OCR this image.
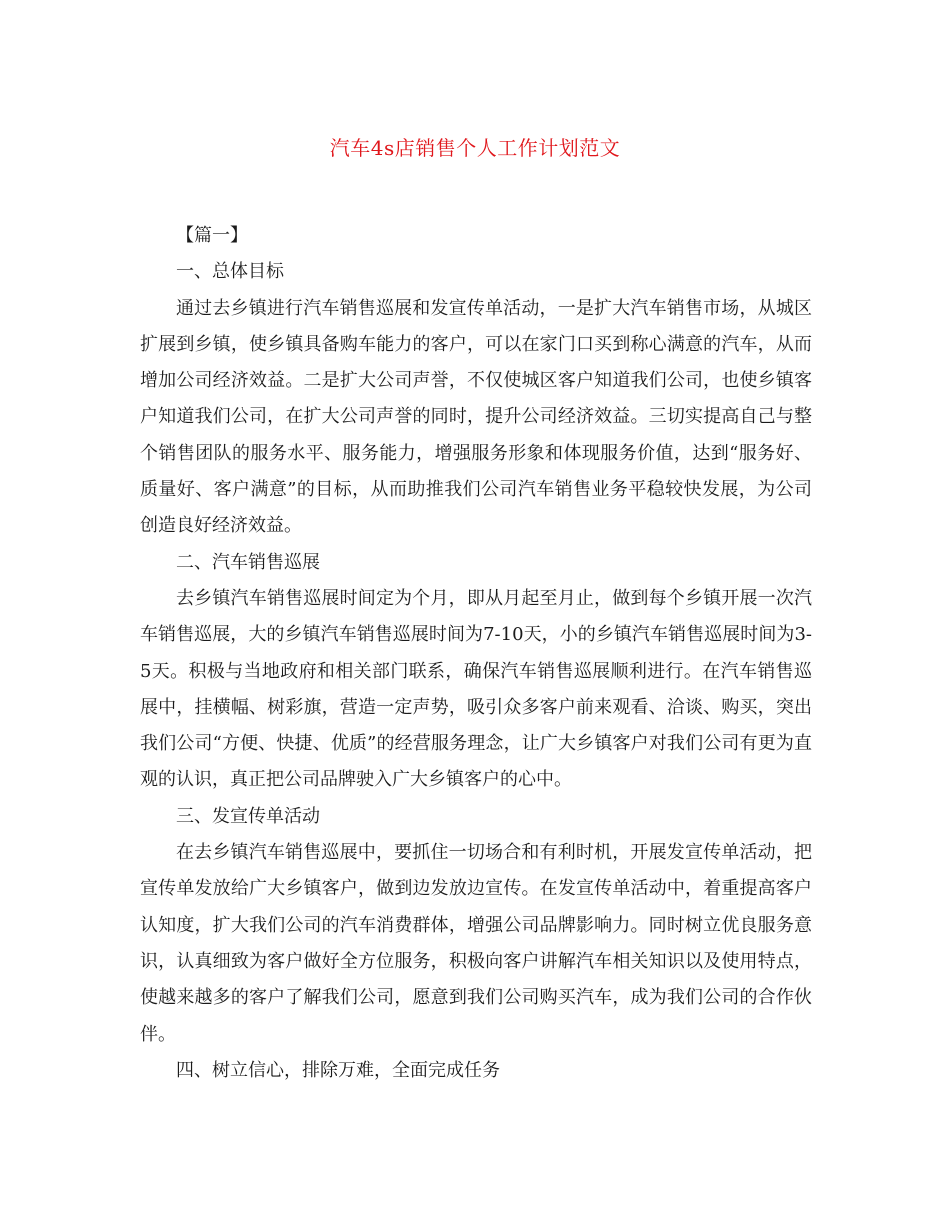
汽车4s店销售个人工作计划范文

【篇一】

一、总体目标

通过去乡镇进行汽车销售巡展和发宣传单活动，一是扩大汽车销售市场，从城区扩展到乡镇，使乡镇具备购车能力的客户，可以在家门口买到称心满意的汽车，从而增加公司经济效益。二是扩大公司声誉，不仅使城区客户知道我们公司，也使乡镇客户知道我们公司，在扩大公司声誉的同时，提升公司经济效益。三切实提高自己与整个销售团队的服务水平、服务能力，增强服务形象和体现服务价值，达到“服务好、质量好、客户满意”的目标，从而助推我们公司汽车销售业务平稳较快发展，为公司创造良好经济效益。

二、汽车销售巡展

去乡镇汽车销售巡展时间定为个月，即从月起至月止，做到每个乡镇开展一次汽车销售巡展，大的乡镇汽车销售巡展时间为7-10天，小的乡镇汽车销售巡展时间为3-5天。积极与当地政府和相关部门联系，确保汽车销售巡展顺利进行。在汽车销售巡展中，挂横幅、树彩旗，营造一定声势，吸引众多客户前来观看、洽谈、购买，突出我们公司“方便、快捷、优质”的经营服务理念，让广大乡镇客户对我们公司有更为直观的认识，真正把公司品牌驶入广大乡镇客户的心中。

三、发宣传单活动

在去乡镇汽车销售巡展中，要抓住一切场合和有利时机，开展发宣传单活动，把宣传单发放给广大乡镇客户，做到边发放边宣传。在发宣传单活动中，着重提高客户认知度，扩大我们公司的汽车消费群体，增强公司品牌影响力。同时树立优良服务意识，认真细致为客户做好全方位服务，积极向客户讲解汽车相关知识以及使用特点，使越来越多的客户了解我们公司，愿意到我们公司购买汽车，成为我们公司的合作伙伴。

四、树立信心，排除万难，全面完成任务
